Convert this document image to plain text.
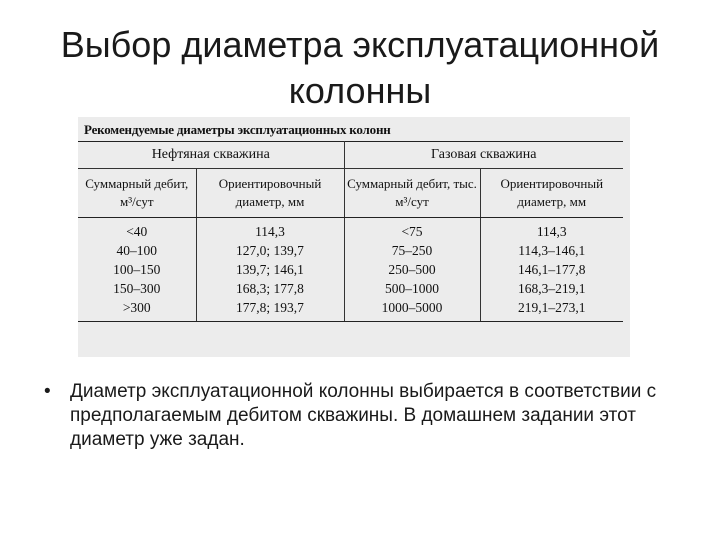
Выбор диаметра эксплуатационной
колонны
Рекомендуемые диаметры эксплуатационных колонн
Нефтяная скважина		Газовая скважина	
Суммарный дебит, м³/сут	Ориентировочный диаметр, мм	Суммарный дебит, тыс. м³/сут	Ориентировочный диаметр, мм
<40	114,3	<75	114,3
40–100	127,0; 139,7	75–250	114,3–146,1
100–150	139,7; 146,1	250–500	146,1–177,8
150–300	168,3; 177,8	500–1000	168,3–219,1
>300	177,8; 193,7	1000–5000	219,1–273,1
• Диаметр эксплуатационной колонны выбирается в соответствии с предполагаемым дебитом скважины. В домашнем задании этот диаметр уже задан.
